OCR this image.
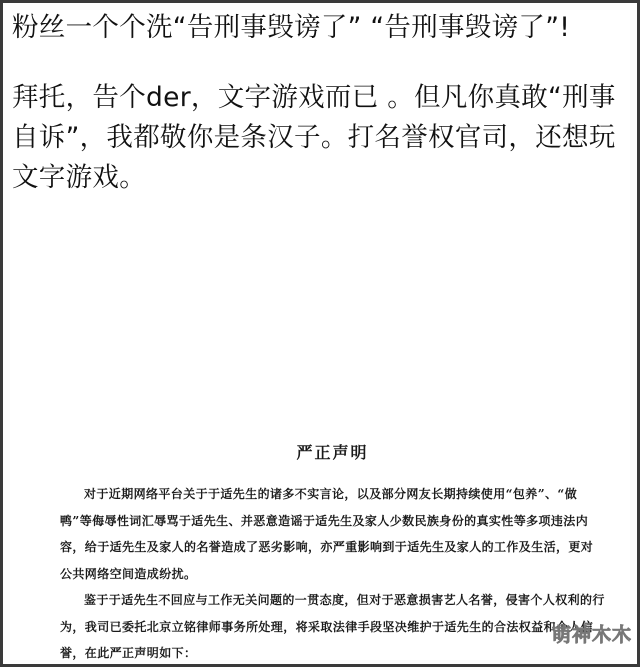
粉丝一个个洗“告刑事毁谤了” “告刑事毁谤了”!

拜托，告个der，文字游戏而已 。但凡你真敢“刑事自诉”，我都敬你是条汉子。打名誉权官司，还想玩文字游戏。

严正声明

对于近期网络平台关于于适先生的诸多不实言论，以及部分网友长期持续使用“包养”、“做鸭”等侮辱性词汇辱骂于适先生、并恶意造谣于适先生及家人少数民族身份的真实性等多项违法内容，给于适先生及家人的名誉造成了恶劣影响，亦严重影响到于适先生及家人的工作及生活，更对公共网络空间造成纷扰。

鉴于于适先生不回应与工作无关问题的一贯态度，但对于恶意损害艺人名誉，侵害个人权利的行为，我司已委托北京立铭律师事务所处理，将采取法律手段坚决维护于适先生的合法权益和个人信誉，在此严正声明如下：

萌神木木
